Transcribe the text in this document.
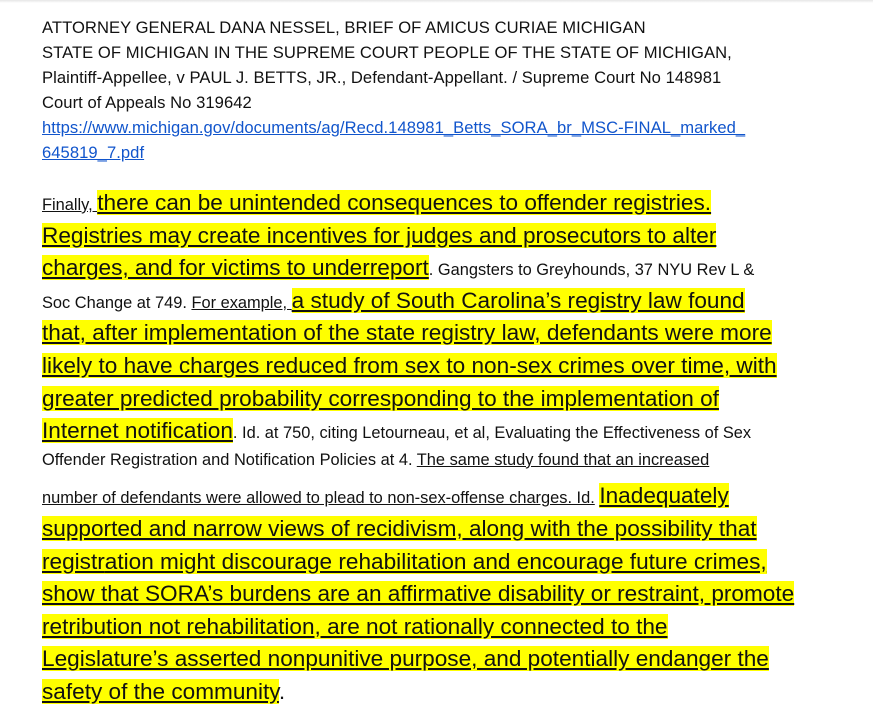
ATTORNEY GENERAL DANA NESSEL, BRIEF OF AMICUS CURIAE MICHIGAN
STATE OF MICHIGAN IN THE SUPREME COURT PEOPLE OF THE STATE OF MICHIGAN,
Plaintiff-Appellee, v PAUL J. BETTS, JR., Defendant-Appellant. / Supreme Court No 148981
Court of Appeals No 319642
https://www.michigan.gov/documents/ag/Recd.148981_Betts_SORA_br_MSC-FINAL_marked_
645819_7.pdf
Finally, there can be unintended consequences to offender registries.
Registries may create incentives for judges and prosecutors to alter
charges, and for victims to underreport. Gangsters to Greyhounds, 37 NYU Rev L &
Soc Change at 749. For example, a study of South Carolina’s registry law found
that, after implementation of the state registry law, defendants were more
likely to have charges reduced from sex to non-sex crimes over time, with
greater predicted probability corresponding to the implementation of
Internet notification. Id. at 750, citing Letourneau, et al, Evaluating the Effectiveness of Sex
Offender Registration and Notification Policies at 4. The same study found that an increased
number of defendants were allowed to plead to non-sex-offense charges. Id. Inadequately
supported and narrow views of recidivism, along with the possibility that
registration might discourage rehabilitation and encourage future crimes,
show that SORA’s burdens are an affirmative disability or restraint, promote
retribution not rehabilitation, are not rationally connected to the
Legislature’s asserted nonpunitive purpose, and potentially endanger the
safety of the community.
